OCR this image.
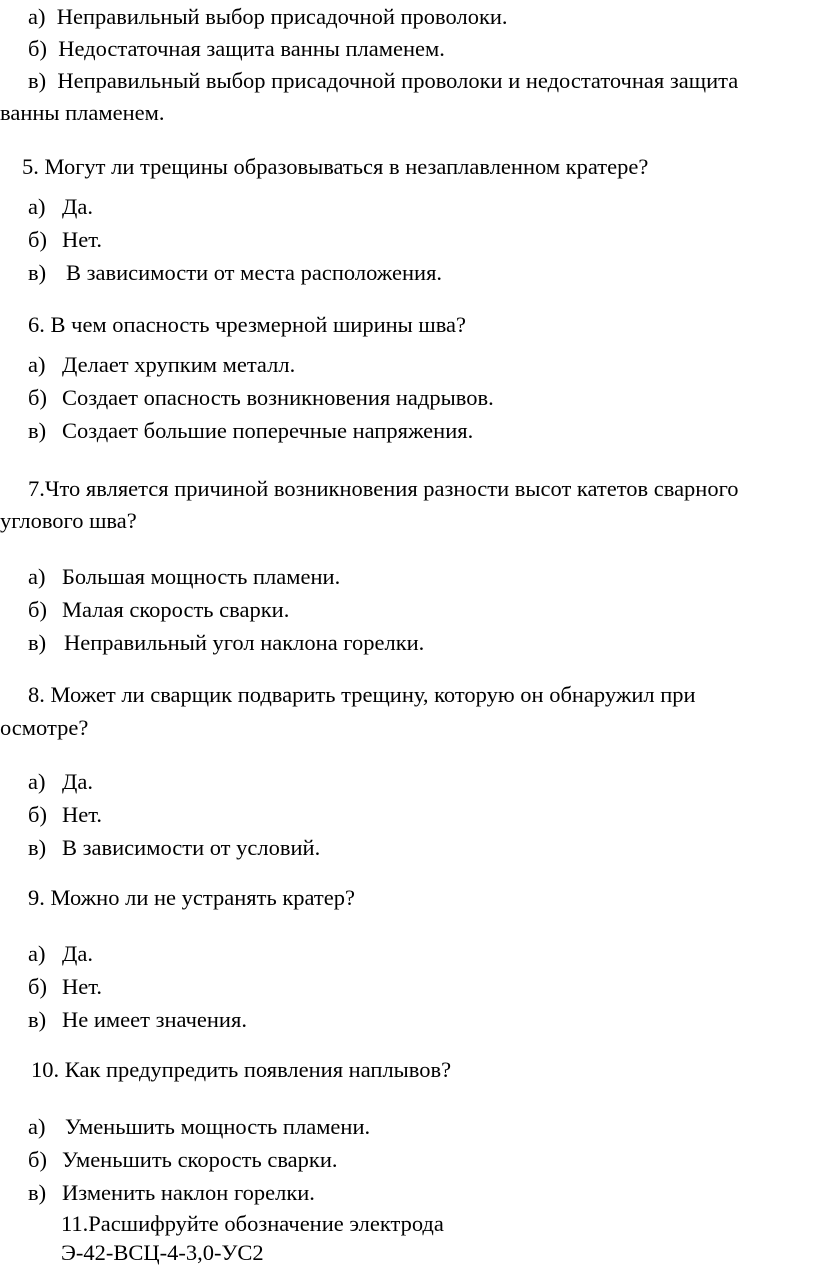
а)  Неправильный выбор присадочной проволоки.
б)  Недостаточная защита ванны пламенем.
в)  Неправильный выбор присадочной проволоки и недостаточная защита
ванны пламенем.
5. Могут ли трещины образовываться в незаплавленном кратере?
а) Да.
б) Нет.
в) В зависимости от места расположения.
6. В чем опасность чрезмерной ширины шва?
а) Делает хрупким металл.
б) Создает опасность возникновения надрывов.
в) Создает большие поперечные напряжения.
7.Что является причиной возникновения разности высот катетов сварного
углового шва?
а) Большая мощность пламени.
б) Малая скорость сварки.
в) Неправильный угол наклона горелки.
8. Может ли сварщик подварить трещину, которую он обнаружил при
осмотре?
а) Да.
б) Нет.
в) В зависимости от условий.
9. Можно ли не устранять кратер?
а) Да.
б) Нет.
в) Не имеет значения.
10. Как предупредить появления наплывов?
а) Уменьшить мощность пламени.
б) Уменьшить скорость сварки.
в) Изменить наклон горелки.
11.Расшифруйте обозначение электрода
Э-42-ВСЦ-4-3,0-УС2
